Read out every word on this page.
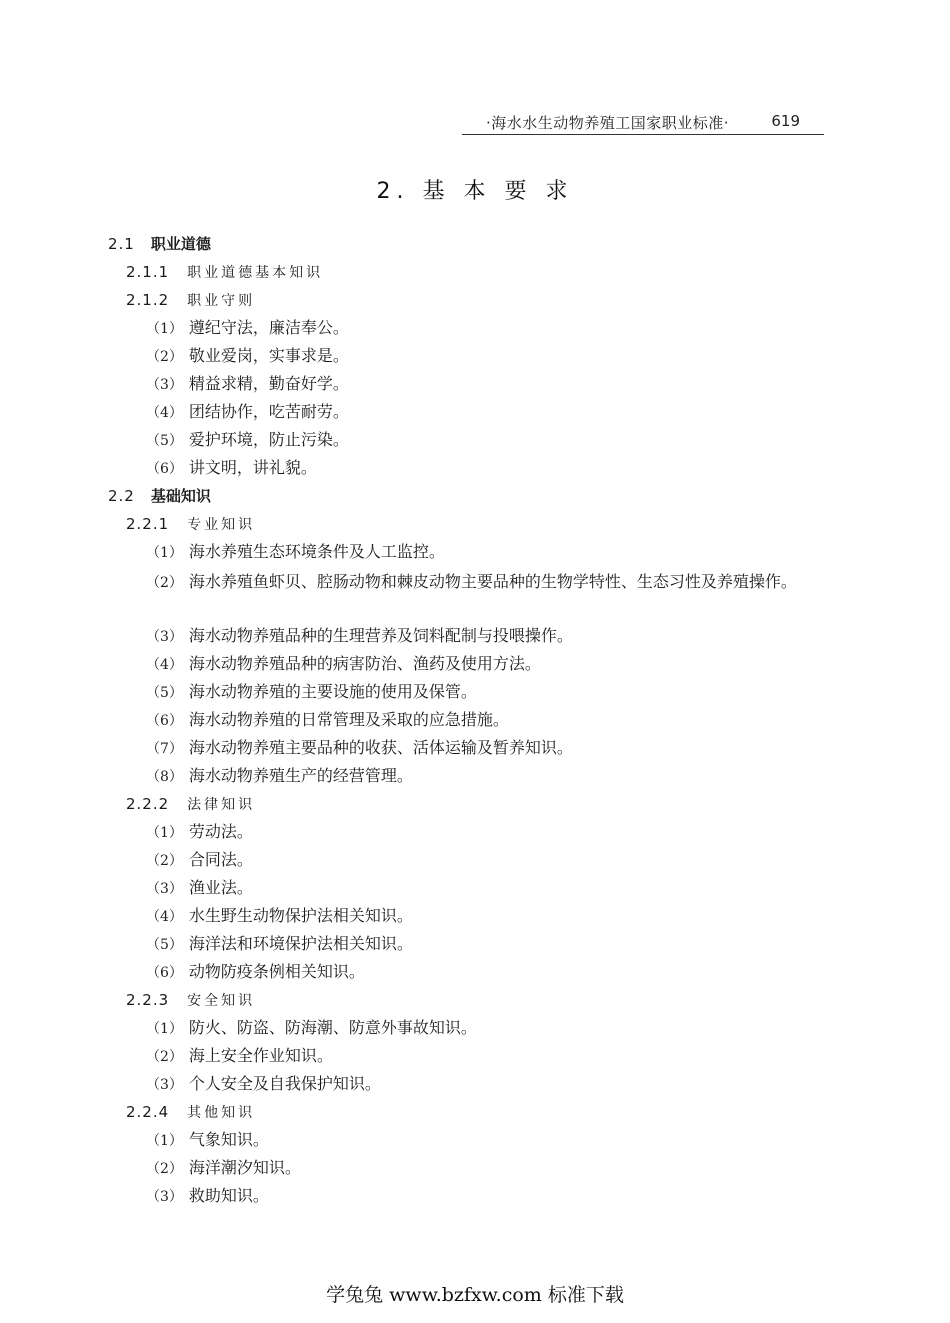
·海水水生动物养殖工国家职业标准·	619
2. 基 本 要 求
2.1 职业道德
2.1.1 职业道德基本知识
2.1.2 职业守则
（1） 遵纪守法，廉洁奉公。
（2） 敬业爱岗，实事求是。
（3） 精益求精，勤奋好学。
（4） 团结协作，吃苦耐劳。
（5） 爱护环境，防止污染。
（6） 讲文明，讲礼貌。
2.2 基础知识
2.2.1 专业知识
（1） 海水养殖生态环境条件及人工监控。
（2） 海水养殖鱼虾贝、腔肠动物和棘皮动物主要品种的生物学特性、生态习性及养殖操作。
（3） 海水动物养殖品种的生理营养及饲料配制与投喂操作。
（4） 海水动物养殖品种的病害防治、渔药及使用方法。
（5） 海水动物养殖的主要设施的使用及保管。
（6） 海水动物养殖的日常管理及采取的应急措施。
（7） 海水动物养殖主要品种的收获、活体运输及暂养知识。
（8） 海水动物养殖生产的经营管理。
2.2.2 法律知识
（1） 劳动法。
（2） 合同法。
（3） 渔业法。
（4） 水生野生动物保护法相关知识。
（5） 海洋法和环境保护法相关知识。
（6） 动物防疫条例相关知识。
2.2.3 安全知识
（1） 防火、防盗、防海潮、防意外事故知识。
（2） 海上安全作业知识。
（3） 个人安全及自我保护知识。
2.2.4 其他知识
（1） 气象知识。
（2） 海洋潮汐知识。
（3） 救助知识。
学兔兔 www.bzfxw.com 标准下载
